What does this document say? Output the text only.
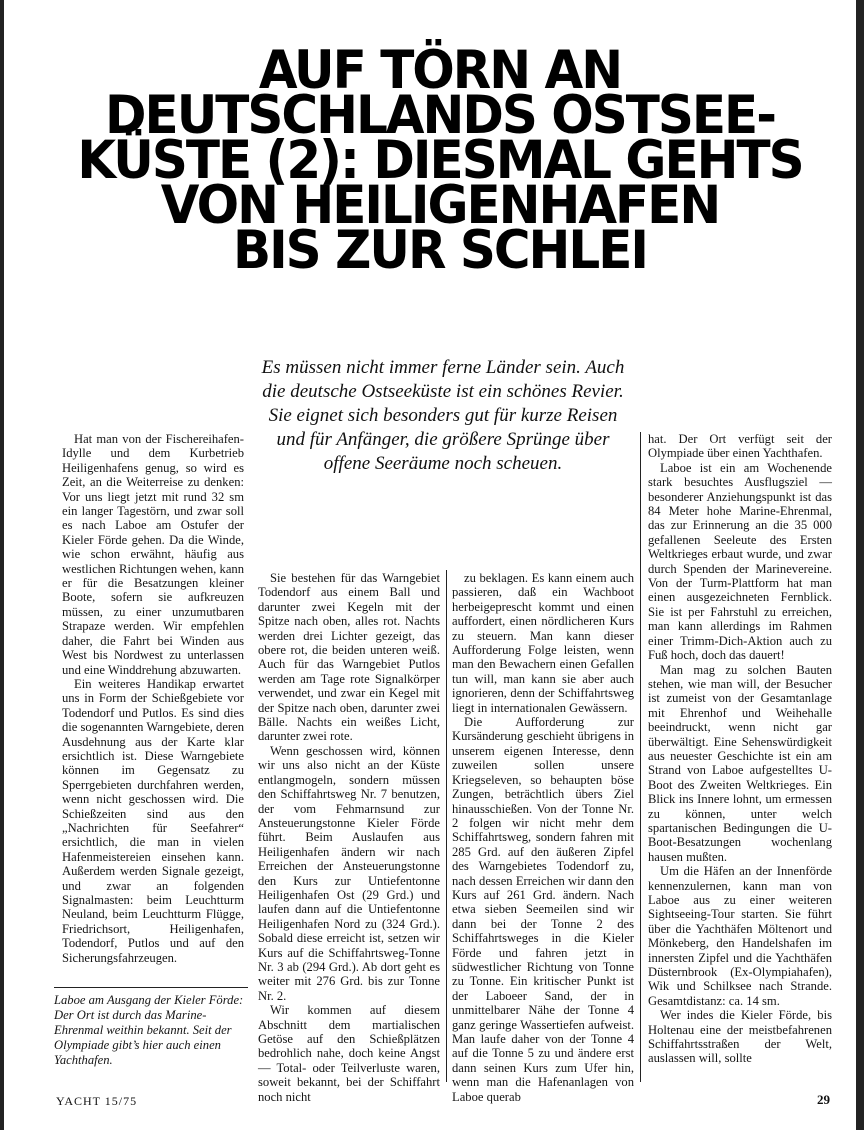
AUF TÖRN AN
DEUTSCHLANDS OSTSEE-
KÜSTE (2): DIESMAL GEHTS
VON HEILIGENHAFEN
BIS ZUR SCHLEI
Es müssen nicht immer ferne Länder sein. Auch die deutsche Ostseeküste ist ein schönes Revier. Sie eignet sich besonders gut für kurze Reisen und für Anfänger, die größere Sprünge über offene Seeräume noch scheuen.

Hat man von der Fischereihafen-Idylle und dem Kurbetrieb Heiligenhafens genug, so wird es Zeit, an die Weiterreise zu denken: Vor uns liegt jetzt mit rund 32 sm ein langer Tagestörn, und zwar soll es nach Laboe am Ostufer der Kieler Förde gehen. Da die Winde, wie schon erwähnt, häufig aus westlichen Richtungen wehen, kann er für die Besatzungen kleiner Boote, sofern sie aufkreuzen müssen, zu einer unzumutbaren Strapaze werden. Wir empfehlen daher, die Fahrt bei Winden aus West bis Nordwest zu unterlassen und eine Winddrehung abzuwarten.

Ein weiteres Handikap erwartet uns in Form der Schießgebiete vor Todendorf und Putlos. Es sind dies die sogenannten Warngebiete, deren Ausdehnung aus der Karte klar ersichtlich ist. Diese Warngebiete können im Gegensatz zu Sperrgebieten durchfahren werden, wenn nicht geschossen wird. Die Schießzeiten sind aus den „Nachrichten für Seefahrer“ ersichtlich, die man in vielen Hafenmeistereien einsehen kann. Außerdem werden Signale gezeigt, und zwar an folgenden Signalmasten: beim Leuchtturm Neuland, beim Leuchtturm Flügge, Friedrichsort, Heiligenhafen, Todendorf, Putlos und auf den Sicherungsfahrzeugen.

Sie bestehen für das Warngebiet Todendorf aus einem Ball und darunter zwei Kegeln mit der Spitze nach oben, alles rot. Nachts werden drei Lichter gezeigt, das obere rot, die beiden unteren weiß. Auch für das Warngebiet Putlos werden am Tage rote Signalkörper verwendet, und zwar ein Kegel mit der Spitze nach oben, darunter zwei Bälle. Nachts ein weißes Licht, darunter zwei rote.

Wenn geschossen wird, können wir uns also nicht an der Küste entlangmogeln, sondern müssen den Schiffahrtsweg Nr. 7 benutzen, der vom Fehmarnsund zur Ansteuerungstonne Kieler Förde führt. Beim Auslaufen aus Heiligenhafen ändern wir nach Erreichen der Ansteuerungstonne den Kurs zur Untiefentonne Heiligenhafen Ost (29 Grd.) und laufen dann auf die Untiefentonne Heiligenhafen Nord zu (324 Grd.). Sobald diese erreicht ist, setzen wir Kurs auf die Schiffahrtsweg-Tonne Nr. 3 ab (294 Grd.). Ab dort geht es weiter mit 276 Grd. bis zur Tonne Nr. 2.

Wir kommen auf diesem Abschnitt dem martialischen Getöse auf den Schießplätzen bedrohlich nahe, doch keine Angst — Total- oder Teilverluste waren, soweit bekannt, bei der Schiffahrt noch nicht

zu beklagen. Es kann einem auch passieren, daß ein Wachboot herbeigeprescht kommt und einen auffordert, einen nördlicheren Kurs zu steuern. Man kann dieser Aufforderung Folge leisten, wenn man den Bewachern einen Gefallen tun will, man kann sie aber auch ignorieren, denn der Schiffahrtsweg liegt in internationalen Gewässern.

Die Aufforderung zur Kursänderung geschieht übrigens in unserem eigenen Interesse, denn zuweilen sollen unsere Kriegseleven, so behaupten böse Zungen, beträchtlich übers Ziel hinausschießen. Von der Tonne Nr. 2 folgen wir nicht mehr dem Schiffahrtsweg, sondern fahren mit 285 Grd. auf den äußeren Zipfel des Warngebietes Todendorf zu, nach dessen Erreichen wir dann den Kurs auf 261 Grd. ändern. Nach etwa sieben Seemeilen sind wir dann bei der Tonne 2 des Schiffahrtsweges in die Kieler Förde und fahren jetzt in südwestlicher Richtung von Tonne zu Tonne. Ein kritischer Punkt ist der Laboeer Sand, der in unmittelbarer Nähe der Tonne 4 ganz geringe Wassertiefen aufweist. Man laufe daher von der Tonne 4 auf die Tonne 5 zu und ändere erst dann seinen Kurs zum Ufer hin, wenn man die Hafenanlagen von Laboe querab

hat. Der Ort verfügt seit der Olympiade über einen Yachthafen.

Laboe ist ein am Wochenende stark besuchtes Ausflugsziel — besonderer Anziehungspunkt ist das 84 Meter hohe Marine-Ehrenmal, das zur Erinnerung an die 35 000 gefallenen Seeleute des Ersten Weltkrieges erbaut wurde, und zwar durch Spenden der Marinevereine. Von der Turm-Plattform hat man einen ausgezeichneten Fernblick. Sie ist per Fahrstuhl zu erreichen, man kann allerdings im Rahmen einer Trimm-Dich-Aktion auch zu Fuß hoch, doch das dauert!

Man mag zu solchen Bauten stehen, wie man will, der Besucher ist zumeist von der Gesamtanlage mit Ehrenhof und Weihehalle beeindruckt, wenn nicht gar überwältigt. Eine Sehenswürdigkeit aus neuester Geschichte ist ein am Strand von Laboe aufgestelltes U-Boot des Zweiten Weltkrieges. Ein Blick ins Innere lohnt, um ermessen zu können, unter welch spartanischen Bedingungen die U-Boot-Besatzungen wochenlang hausen mußten.

Um die Häfen an der Innenförde kennenzulernen, kann man von Laboe aus zu einer weiteren Sightseeing-Tour starten. Sie führt über die Yachthäfen Möltenort und Mönkeberg, den Handelshafen im innersten Zipfel und die Yachthäfen Düsternbrook (Ex-Olympiahafen), Wik und Schilksee nach Strande. Gesamtdistanz: ca. 14 sm.

Wer indes die Kieler Förde, bis Holtenau eine der meistbefahrenen Schiffahrtsstraßen der Welt, auslassen will, sollte

Laboe am Ausgang der Kieler Förde: Der Ort ist durch das Marine-Ehrenmal weithin bekannt. Seit der Olympiade gibt’s hier auch einen Yachthafen.
YACHT 15/75	29
